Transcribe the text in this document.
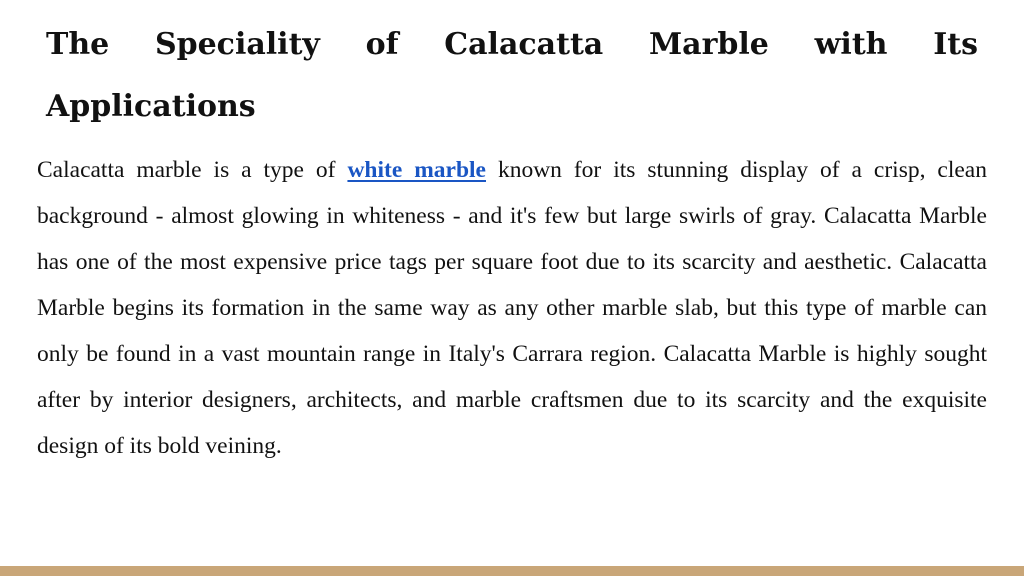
The Speciality of Calacatta Marble with Its Applications

Calacatta marble is a type of white marble known for its stunning display of a crisp, clean background - almost glowing in whiteness - and it's few but large swirls of gray. Calacatta Marble has one of the most expensive price tags per square foot due to its scarcity and aesthetic. Calacatta Marble begins its formation in the same way as any other marble slab, but this type of marble can only be found in a vast mountain range in Italy's Carrara region. Calacatta Marble is highly sought after by interior designers, architects, and marble craftsmen due to its scarcity and the exquisite design of its bold veining.
